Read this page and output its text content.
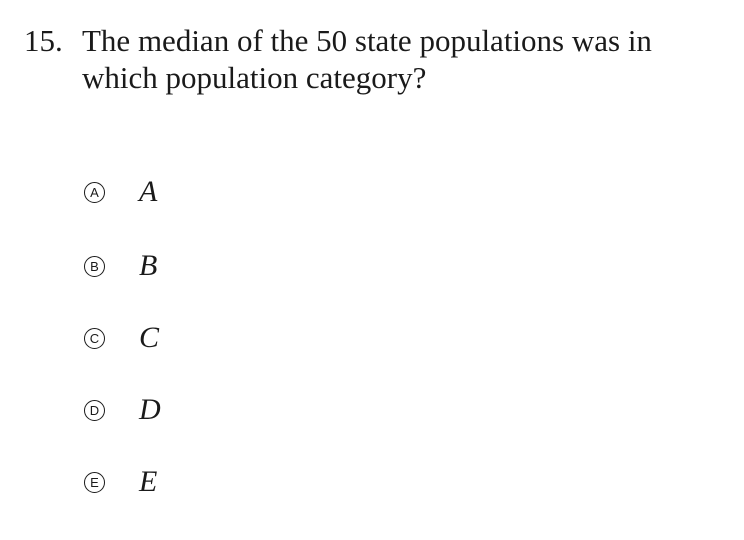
15. The median of the 50 state populations was in which population category?
A A
B B
C C
D D
E E
